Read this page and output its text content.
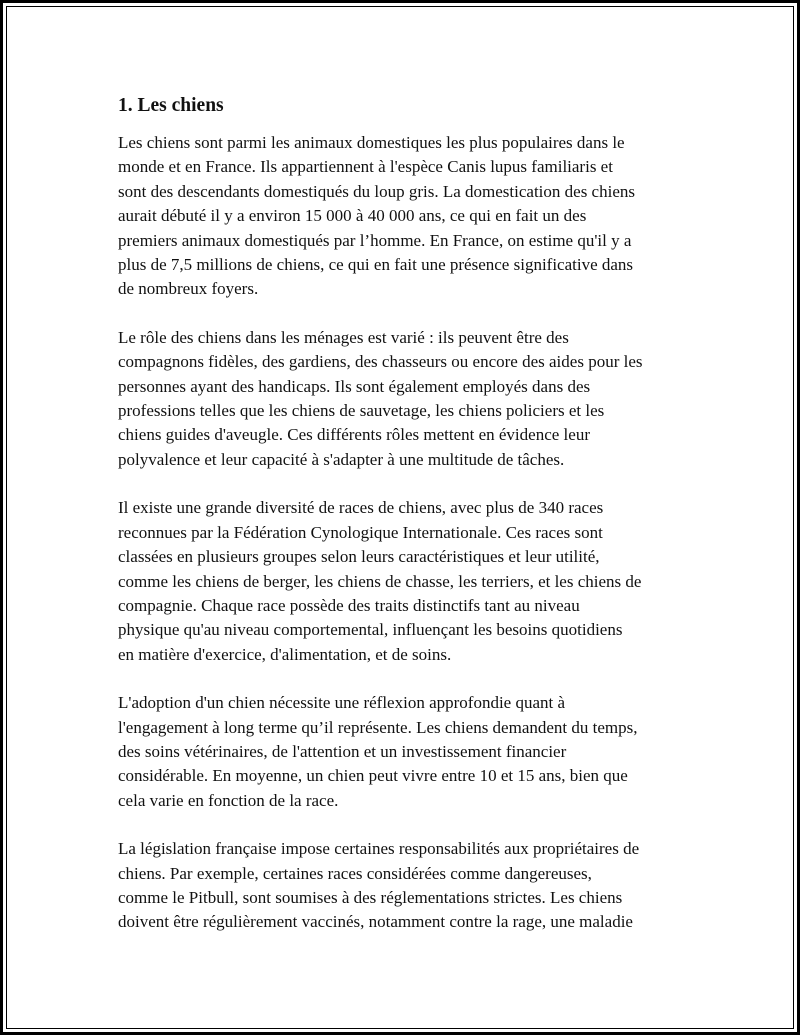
1. Les chiens

Les chiens sont parmi les animaux domestiques les plus populaires dans le
monde et en France. Ils appartiennent à l'espèce Canis lupus familiaris et
sont des descendants domestiqués du loup gris. La domestication des chiens
aurait débuté il y a environ 15 000 à 40 000 ans, ce qui en fait un des
premiers animaux domestiqués par l’homme. En France, on estime qu'il y a
plus de 7,5 millions de chiens, ce qui en fait une présence significative dans
de nombreux foyers.

Le rôle des chiens dans les ménages est varié : ils peuvent être des
compagnons fidèles, des gardiens, des chasseurs ou encore des aides pour les
personnes ayant des handicaps. Ils sont également employés dans des
professions telles que les chiens de sauvetage, les chiens policiers et les
chiens guides d'aveugle. Ces différents rôles mettent en évidence leur
polyvalence et leur capacité à s'adapter à une multitude de tâches.

Il existe une grande diversité de races de chiens, avec plus de 340 races
reconnues par la Fédération Cynologique Internationale. Ces races sont
classées en plusieurs groupes selon leurs caractéristiques et leur utilité,
comme les chiens de berger, les chiens de chasse, les terriers, et les chiens de
compagnie. Chaque race possède des traits distinctifs tant au niveau
physique qu'au niveau comportemental, influençant les besoins quotidiens
en matière d'exercice, d'alimentation, et de soins.

L'adoption d'un chien nécessite une réflexion approfondie quant à
l'engagement à long terme qu’il représente. Les chiens demandent du temps,
des soins vétérinaires, de l'attention et un investissement financier
considérable. En moyenne, un chien peut vivre entre 10 et 15 ans, bien que
cela varie en fonction de la race.

La législation française impose certaines responsabilités aux propriétaires de
chiens. Par exemple, certaines races considérées comme dangereuses,
comme le Pitbull, sont soumises à des réglementations strictes. Les chiens
doivent être régulièrement vaccinés, notamment contre la rage, une maladie
